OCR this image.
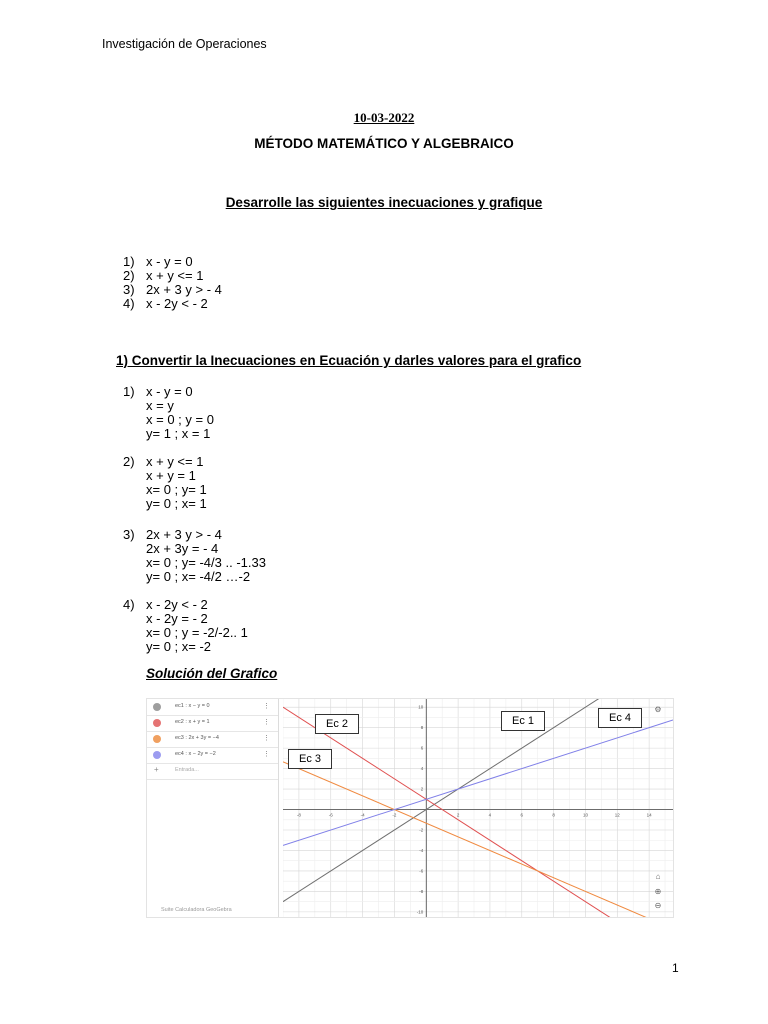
Investigación de Operaciones
10-03-2022
MÉTODO MATEMÁTICO Y ALGEBRAICO
Desarrolle las siguientes inecuaciones y grafique
1) x - y = 0
2) x + y <= 1
3) 2x + 3 y > - 4
4) x - 2y < - 2
1) Convertir la Inecuaciones en Ecuación y darles valores para el grafico
1) x - y = 0
x = y
x = 0 ; y = 0
y= 1 ; x = 1
2) x + y <= 1
x + y = 1
x= 0 ; y= 1
y= 0 ; x= 1
3) 2x + 3 y > - 4
2x + 3y = - 4
x= 0 ; y= -4/3 .. -1.33
y= 0 ; x= -4/2 …-2
4) x - 2y < - 2
x - 2y = - 2
x= 0 ; y = -2/-2.. 1
y= 0 ; x= -2
Solución del Grafico
ec1 : x − y = 0	⋮
ec2 : x + y = 1	⋮
ec3 : 2x + 3y = −4	⋮
ec4 : x − 2y = −2	⋮
+	Entrada...
Suite Calculadora GeoGebra
-8	-6	-4	-2	2	4	6	8	10	12	14
10
8
6
4
2
-2
-4
-6
-8
-10
Ec 2	Ec 1	Ec 4
Ec 3
⚙
⌂
⊕
⊖
1
